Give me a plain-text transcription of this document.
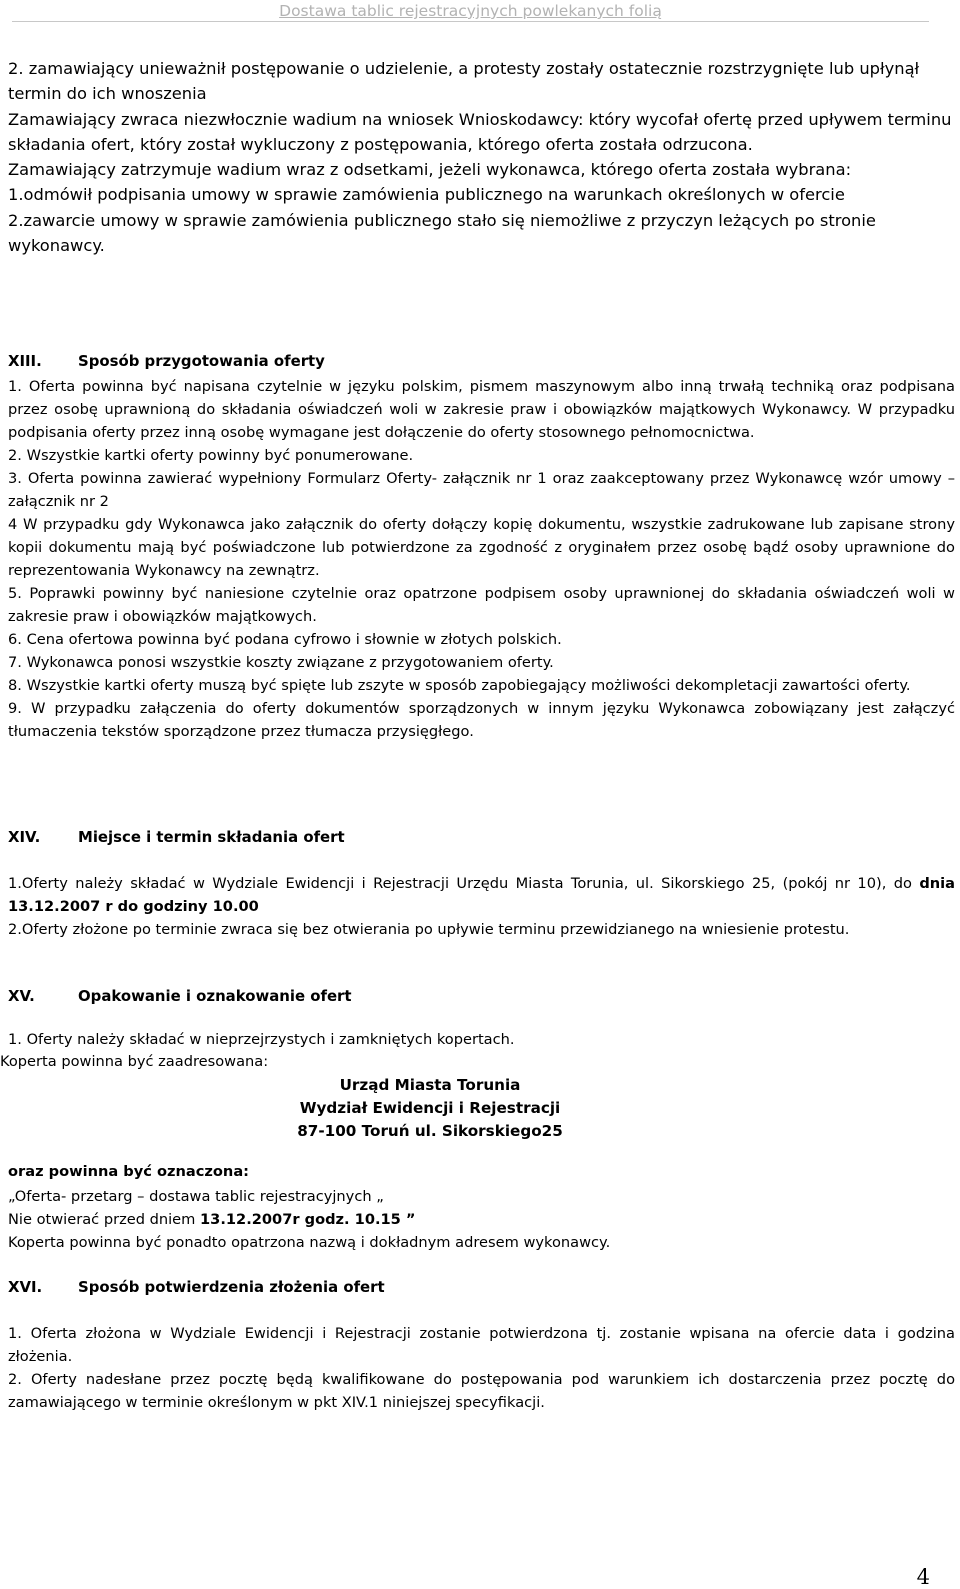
Dostawa tablic rejestracyjnych powlekanych folią

2. zamawiający unieważnił postępowanie o udzielenie, a protesty zostały ostatecznie rozstrzygnięte lub upłynął termin do ich wnoszenia

Zamawiający zwraca niezwłocznie wadium na wniosek Wnioskodawcy: który wycofał ofertę przed upływem terminu składania ofert, który został wykluczony z postępowania, którego oferta została odrzucona.

Zamawiający zatrzymuje wadium wraz z odsetkami, jeżeli wykonawca, którego oferta została wybrana:

1.odmówił podpisania umowy w sprawie zamówienia publicznego na warunkach określonych w ofercie

2.zawarcie umowy w sprawie zamówienia publicznego stało się niemożliwe z przyczyn leżących po stronie wykonawcy.

XIII. Sposób przygotowania oferty

1. Oferta powinna być napisana czytelnie w języku polskim, pismem maszynowym albo inną trwałą techniką oraz podpisana przez osobę uprawnioną do składania oświadczeń woli w zakresie praw i obowiązków majątkowych Wykonawcy. W przypadku podpisania oferty przez inną osobę wymagane jest dołączenie do oferty stosownego pełnomocnictwa.

2. Wszystkie kartki oferty powinny być ponumerowane.

3. Oferta powinna zawierać wypełniony Formularz Oferty- załącznik nr 1 oraz zaakceptowany przez Wykonawcę wzór umowy – załącznik nr 2

4 W przypadku gdy Wykonawca jako załącznik do oferty dołączy kopię dokumentu, wszystkie zadrukowane lub zapisane strony kopii dokumentu mają być poświadczone lub potwierdzone za zgodność z oryginałem przez osobę bądź osoby uprawnione do reprezentowania Wykonawcy na zewnątrz.

5. Poprawki powinny być naniesione czytelnie oraz opatrzone podpisem osoby uprawnionej do składania oświadczeń woli w zakresie praw i obowiązków majątkowych.

6. Cena ofertowa powinna być podana cyfrowo i słownie w złotych polskich.

7. Wykonawca ponosi wszystkie koszty związane z przygotowaniem oferty.

8. Wszystkie kartki oferty muszą być spięte lub zszyte w sposób zapobiegający możliwości dekompletacji zawartości oferty.

9. W przypadku załączenia do oferty dokumentów sporządzonych w innym języku Wykonawca zobowiązany jest załączyć tłumaczenia tekstów sporządzone przez tłumacza przysięgłego.

XIV.	Miejsce i termin składania ofert

1.Oferty należy składać w Wydziale Ewidencji i Rejestracji Urzędu Miasta Torunia, ul. Sikorskiego 25, (pokój nr 10), do dnia 13.12.2007 r do godziny 10.00

2.Oferty złożone po terminie zwraca się bez otwierania po upływie terminu przewidzianego na wniesienie protestu.

XV.	Opakowanie i oznakowanie ofert
1. Oferty należy składać w nieprzejrzystych i zamkniętych kopertach.
Koperta powinna być zaadresowana:
Urząd Miasta Torunia
Wydział Ewidencji i Rejestracji
87-100 Toruń ul. Sikorskiego25
oraz powinna być oznaczona:
„Oferta- przetarg – dostawa tablic rejestracyjnych „
Nie otwierać przed dniem 13.12.2007r godz. 10.15 ”
Koperta powinna być ponadto opatrzona nazwą i dokładnym adresem wykonawcy.
XVI. Sposób potwierdzenia złożenia ofert

1. Oferta złożona w Wydziale Ewidencji i Rejestracji zostanie potwierdzona tj. zostanie wpisana na ofercie data i godzina złożenia.

2. Oferty nadesłane przez pocztę będą kwalifikowane do postępowania pod warunkiem ich dostarczenia przez pocztę do zamawiającego w terminie określonym w pkt XIV.1 niniejszej specyfikacji.

4
